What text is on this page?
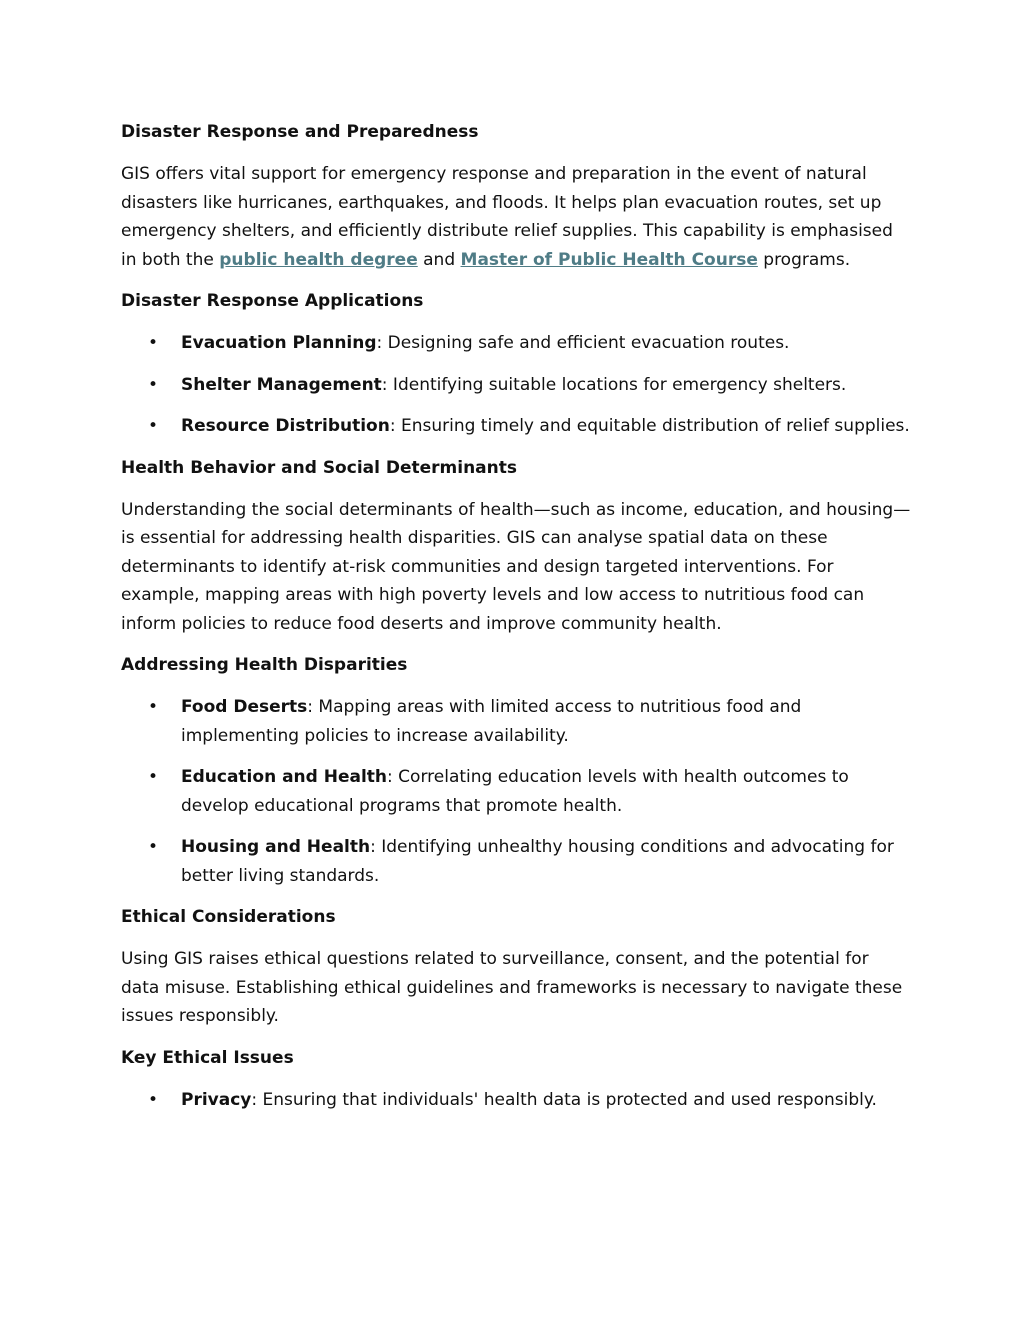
Disaster Response and Preparedness

GIS offers vital support for emergency response and preparation in the event of natural disasters like hurricanes, earthquakes, and floods. It helps plan evacuation routes, set up emergency shelters, and efficiently distribute relief supplies. This capability is emphasised in both the public health degree and Master of Public Health Course programs.

Disaster Response Applications
• Evacuation Planning: Designing safe and efficient evacuation routes.
• Shelter Management: Identifying suitable locations for emergency shelters.
• Resource Distribution: Ensuring timely and equitable distribution of relief supplies.
Health Behavior and Social Determinants

Understanding the social determinants of health—such as income, education, and housing—is essential for addressing health disparities. GIS can analyse spatial data on these determinants to identify at-risk communities and design targeted interventions. For example, mapping areas with high poverty levels and low access to nutritious food can inform policies to reduce food deserts and improve community health.

Addressing Health Disparities
• Food Deserts: Mapping areas with limited access to nutritious food and implementing policies to increase availability.
• Education and Health: Correlating education levels with health outcomes to develop educational programs that promote health.
• Housing and Health: Identifying unhealthy housing conditions and advocating for better living standards.
Ethical Considerations

Using GIS raises ethical questions related to surveillance, consent, and the potential for data misuse. Establishing ethical guidelines and frameworks is necessary to navigate these issues responsibly.

Key Ethical Issues
• Privacy: Ensuring that individuals' health data is protected and used responsibly.
